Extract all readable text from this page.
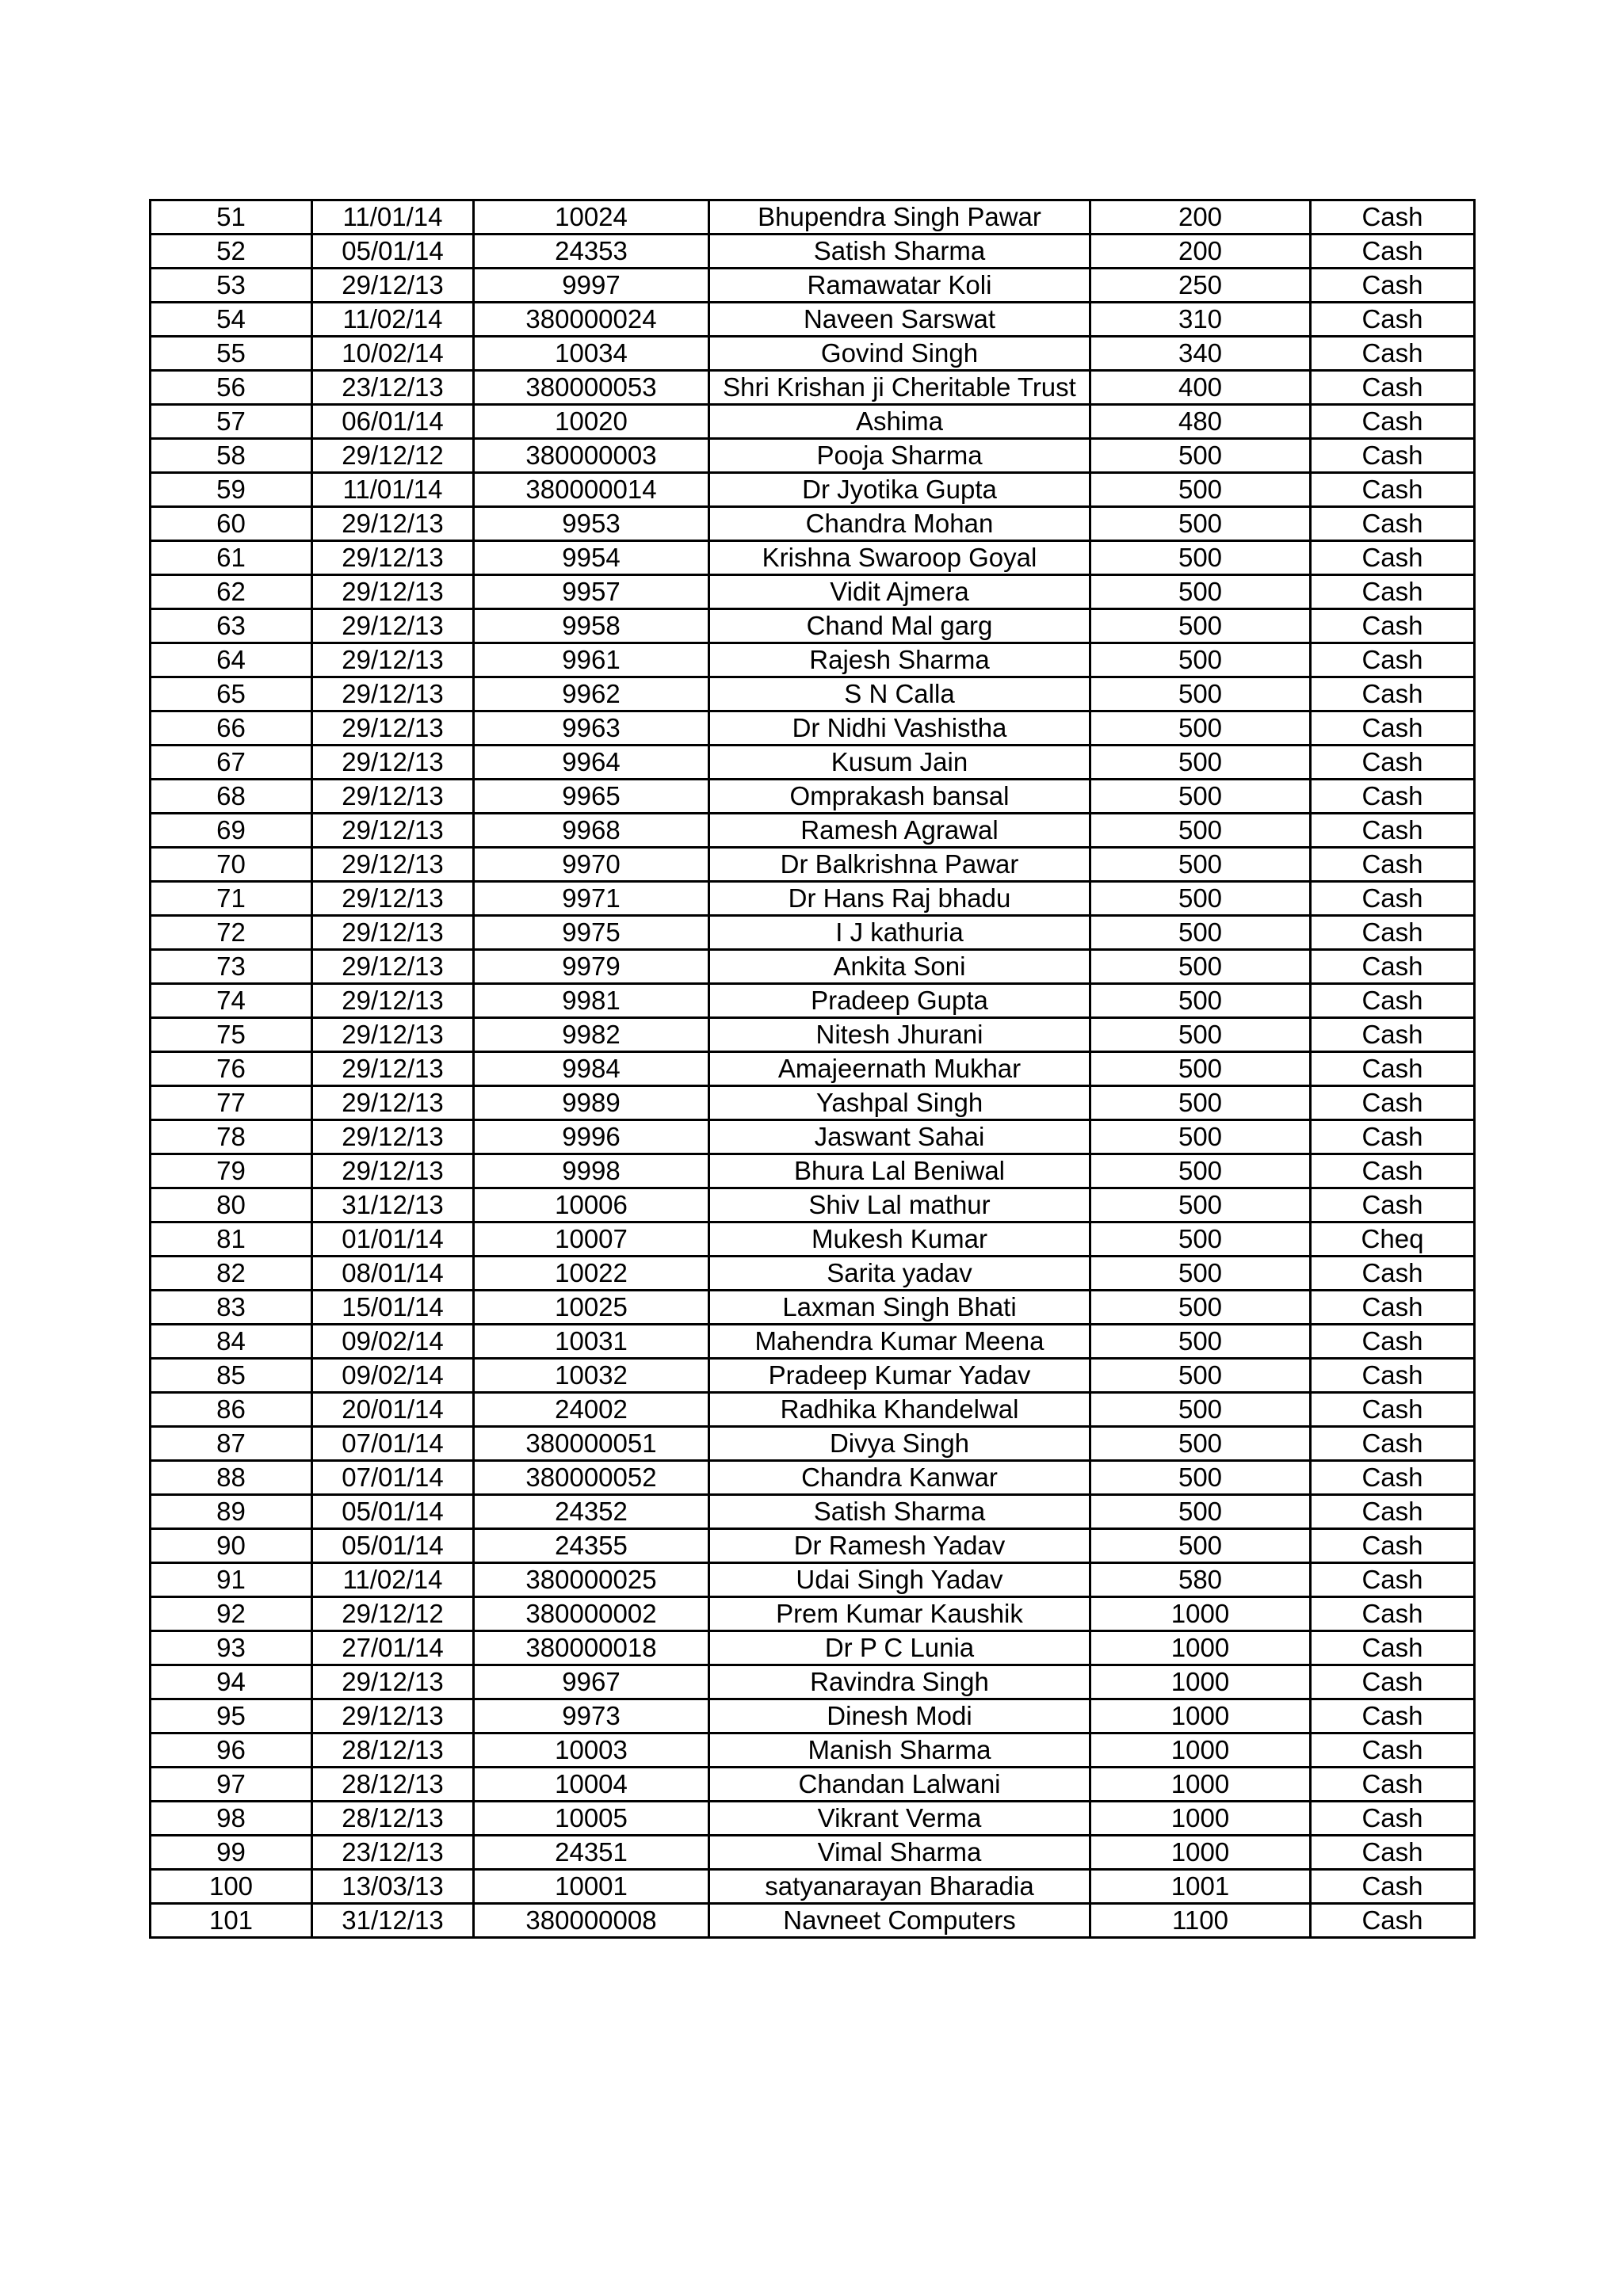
51	11/01/14	10024	Bhupendra Singh Pawar	200	Cash
52	05/01/14	24353	Satish Sharma	200	Cash
53	29/12/13	9997	Ramawatar Koli	250	Cash
54	11/02/14	380000024	Naveen Sarswat	310	Cash
55	10/02/14	10034	Govind Singh	340	Cash
56	23/12/13	380000053	Shri Krishan ji Cheritable Trust	400	Cash
57	06/01/14	10020	Ashima	480	Cash
58	29/12/12	380000003	Pooja Sharma	500	Cash
59	11/01/14	380000014	Dr Jyotika Gupta	500	Cash
60	29/12/13	9953	Chandra Mohan	500	Cash
61	29/12/13	9954	Krishna Swaroop Goyal	500	Cash
62	29/12/13	9957	Vidit Ajmera	500	Cash
63	29/12/13	9958	Chand Mal garg	500	Cash
64	29/12/13	9961	Rajesh Sharma	500	Cash
65	29/12/13	9962	S N Calla	500	Cash
66	29/12/13	9963	Dr Nidhi Vashistha	500	Cash
67	29/12/13	9964	Kusum Jain	500	Cash
68	29/12/13	9965	Omprakash bansal	500	Cash
69	29/12/13	9968	Ramesh Agrawal	500	Cash
70	29/12/13	9970	Dr Balkrishna Pawar	500	Cash
71	29/12/13	9971	Dr Hans Raj bhadu	500	Cash
72	29/12/13	9975	I J kathuria	500	Cash
73	29/12/13	9979	Ankita Soni	500	Cash
74	29/12/13	9981	Pradeep Gupta	500	Cash
75	29/12/13	9982	Nitesh Jhurani	500	Cash
76	29/12/13	9984	Amajeernath Mukhar	500	Cash
77	29/12/13	9989	Yashpal Singh	500	Cash
78	29/12/13	9996	Jaswant Sahai	500	Cash
79	29/12/13	9998	Bhura Lal Beniwal	500	Cash
80	31/12/13	10006	Shiv Lal mathur	500	Cash
81	01/01/14	10007	Mukesh Kumar	500	Cheq
82	08/01/14	10022	Sarita yadav	500	Cash
83	15/01/14	10025	Laxman Singh Bhati	500	Cash
84	09/02/14	10031	Mahendra Kumar Meena	500	Cash
85	09/02/14	10032	Pradeep Kumar Yadav	500	Cash
86	20/01/14	24002	Radhika Khandelwal	500	Cash
87	07/01/14	380000051	Divya Singh	500	Cash
88	07/01/14	380000052	Chandra Kanwar	500	Cash
89	05/01/14	24352	Satish Sharma	500	Cash
90	05/01/14	24355	Dr Ramesh Yadav	500	Cash
91	11/02/14	380000025	Udai Singh Yadav	580	Cash
92	29/12/12	380000002	Prem Kumar Kaushik	1000	Cash
93	27/01/14	380000018	Dr P C Lunia	1000	Cash
94	29/12/13	9967	Ravindra Singh	1000	Cash
95	29/12/13	9973	Dinesh Modi	1000	Cash
96	28/12/13	10003	Manish Sharma	1000	Cash
97	28/12/13	10004	Chandan Lalwani	1000	Cash
98	28/12/13	10005	Vikrant Verma	1000	Cash
99	23/12/13	24351	Vimal Sharma	1000	Cash
100	13/03/13	10001	satyanarayan Bharadia	1001	Cash
101	31/12/13	380000008	Navneet Computers	1100	Cash
